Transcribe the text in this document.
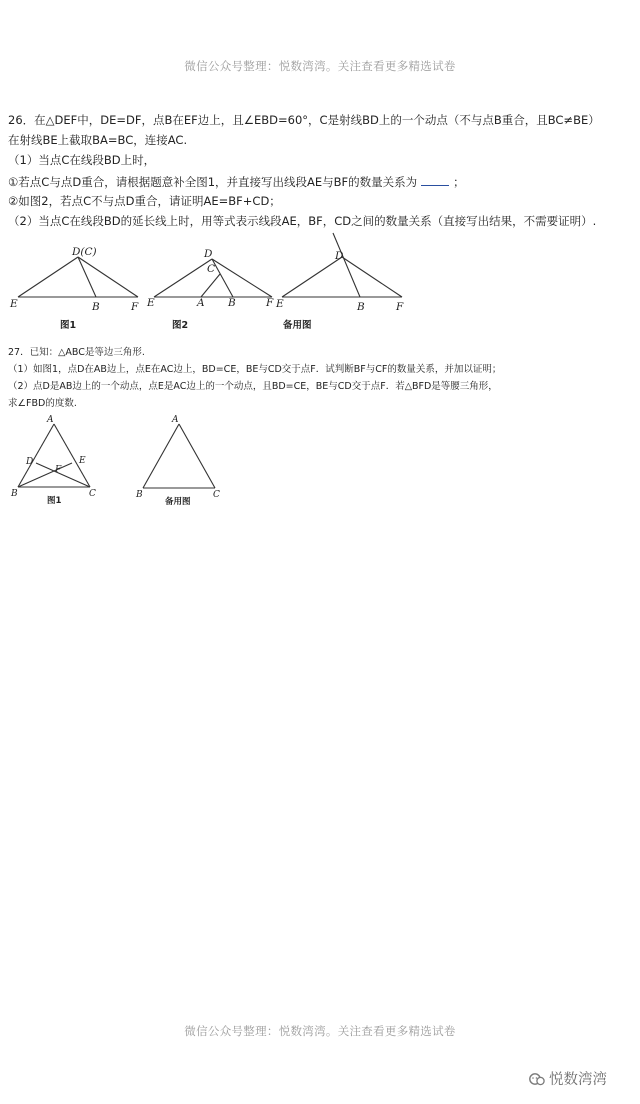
微信公众号整理：悦数湾湾。关注查看更多精选试卷
26．在△DEF中，DE=DF，点B在EF边上，且∠EBD=60°，C是射线BD上的一个动点（不与点B重合，且BC≠BE）
在射线BE上截取BA=BC，连接AC.
（1）当点C在线段BD上时，
①若点C与点D重合，请根据题意补全图1，并直接写出线段AE与BF的数量关系为	；
②如图2，若点C不与点D重合，请证明AE=BF+CD；
（2）当点C在线段BD的延长线上时，用等式表示线段AE，BF，CD之间的数量关系（直接写出结果，不需要证明）.
D(C)
E	B	F
图1
D
C
E	A B	F
图2
D
E	B	F
备用图
27．已知：△ABC是等边三角形.
（1）如图1，点D在AB边上，点E在AC边上，BD=CE，BE与CD交于点F．试判断BF与CF的数量关系，并加以证明；
（2）点D是AB边上的一个动点，点E是AC边上的一个动点，且BD=CE，BE与CD交于点F．若△BFD是等腰三角形，
求∠FBD的度数.
A
D	E
F
B	C
图1
A
B	C
备用图
微信公众号整理：悦数湾湾。关注查看更多精选试卷
悦数湾湾
